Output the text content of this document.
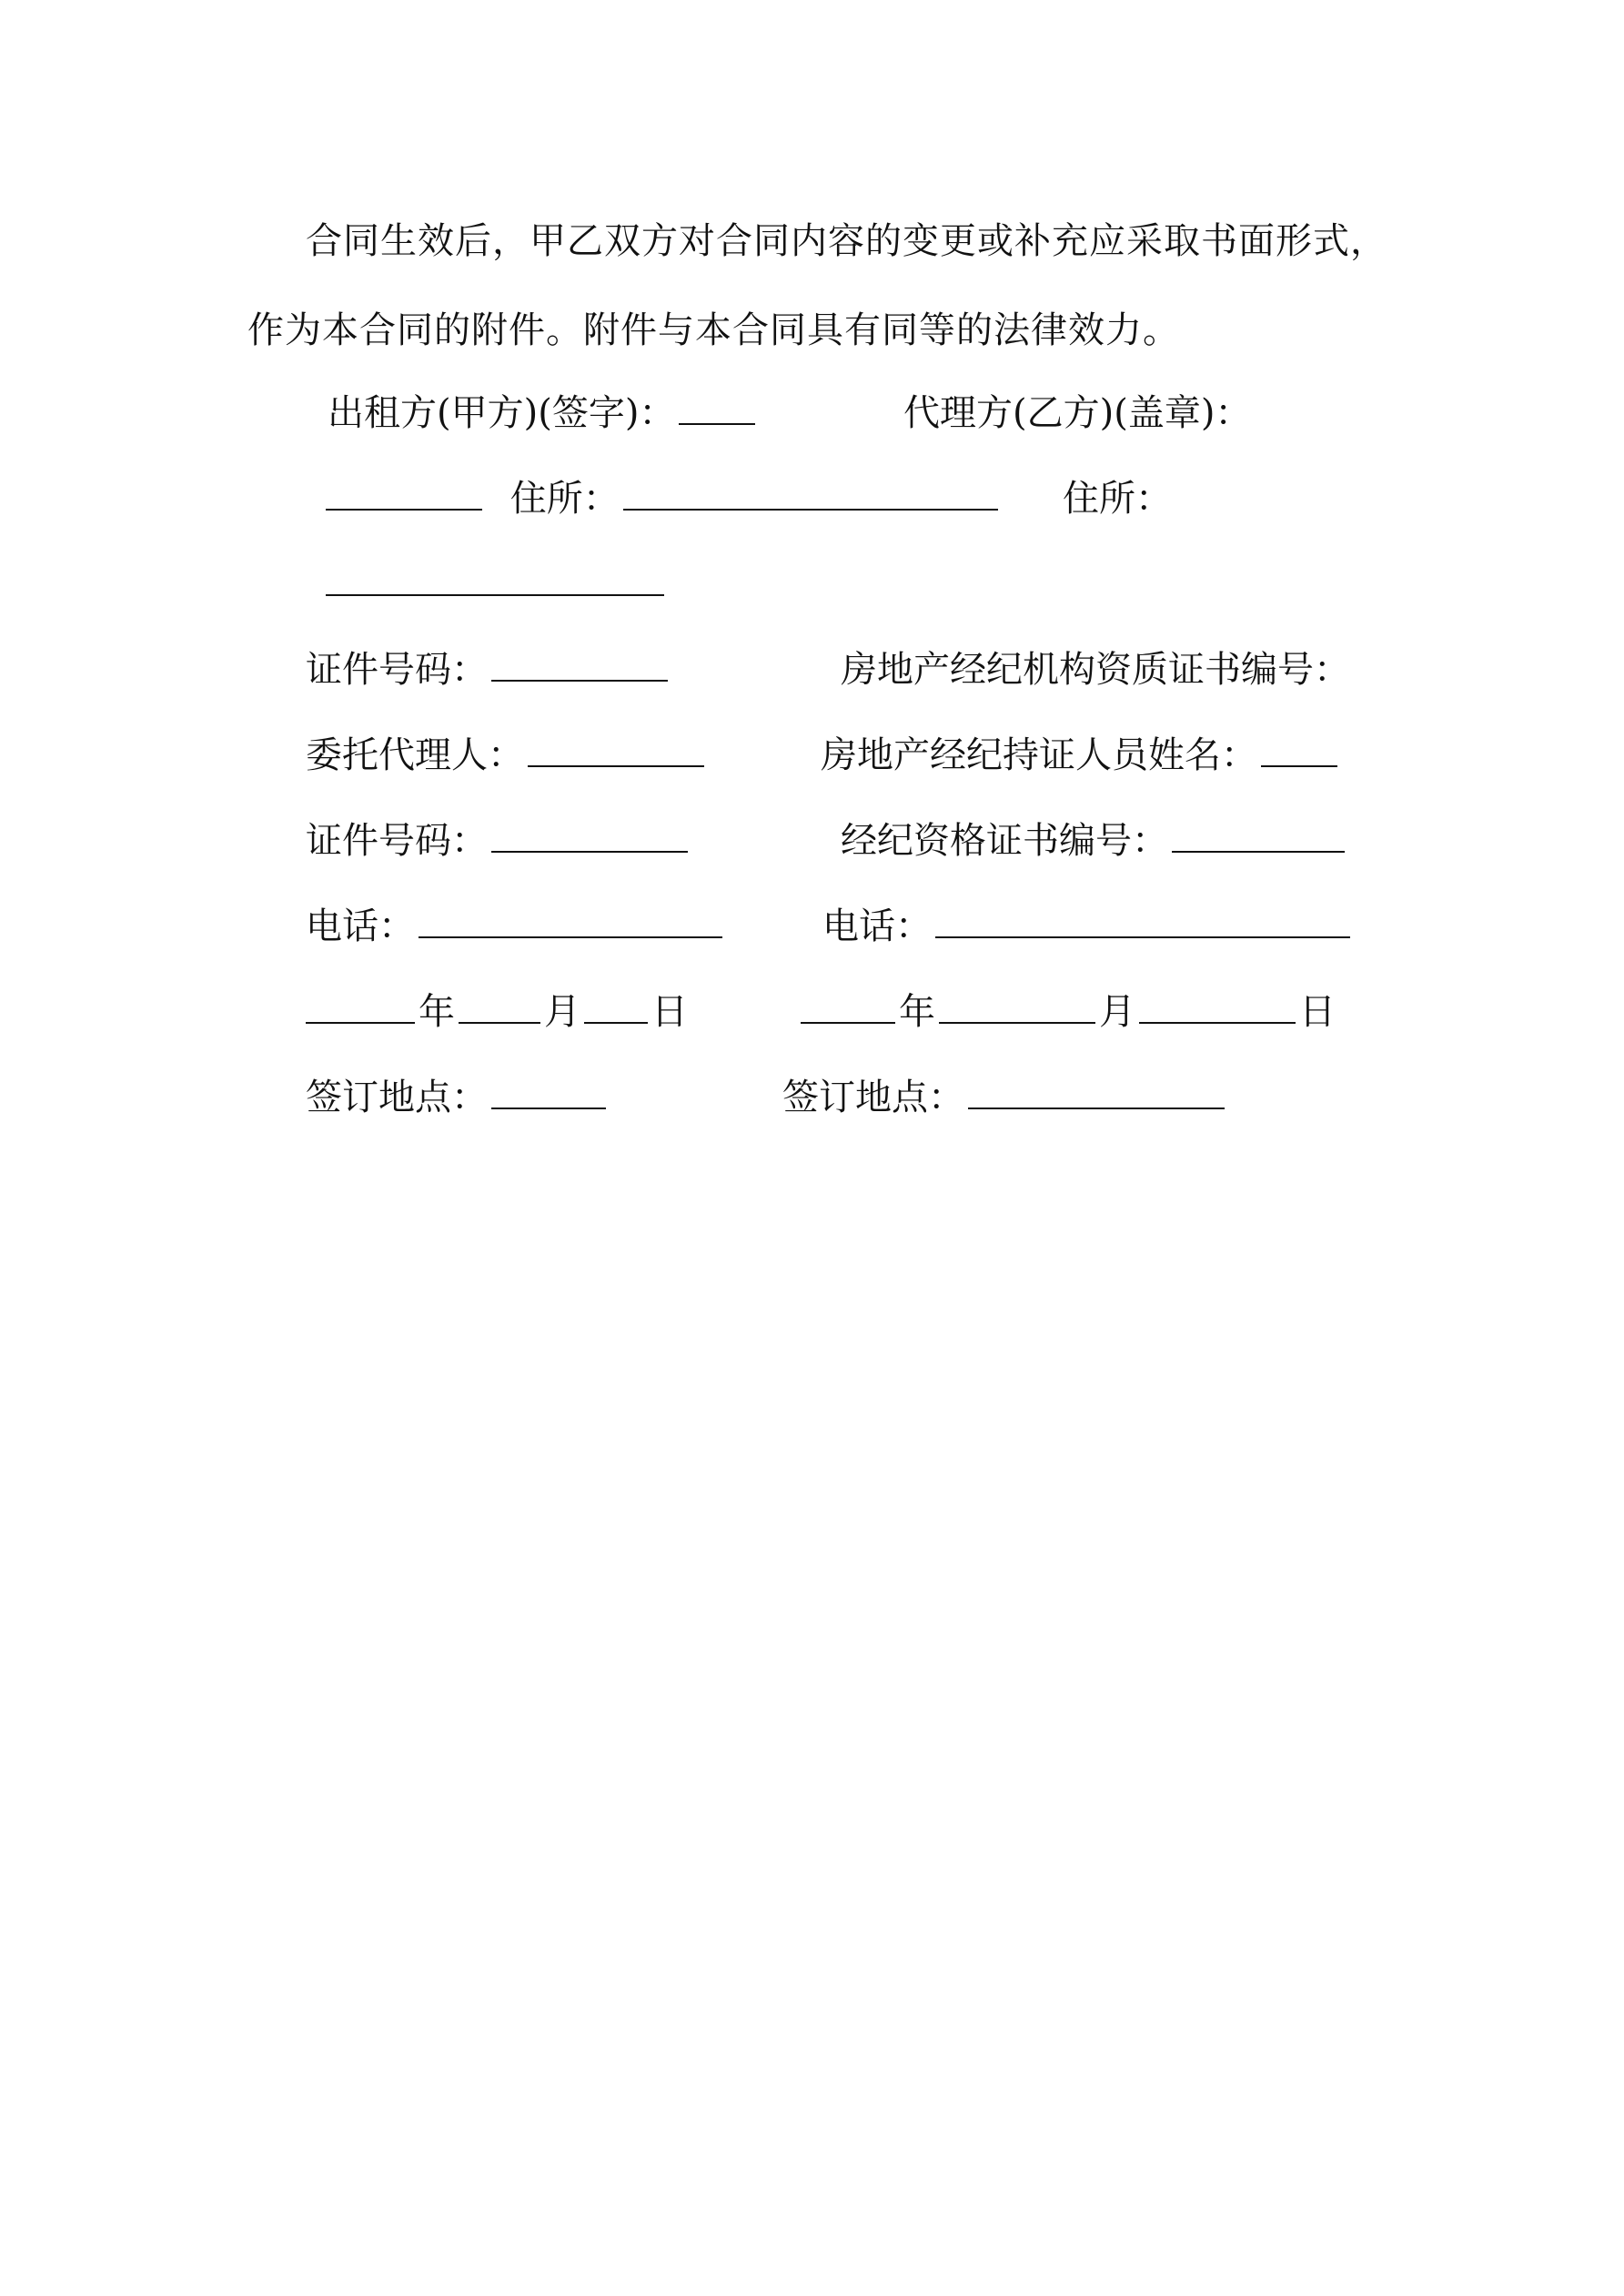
合同生效后，甲乙双方对合同内容的变更或补充应采取书面形式，作为本合同的附件。附件与本合同具有同等的法律效力。

出租方(甲方)(签字)：	代理方(乙方)(盖章)：
住所：	住所：
证件号码：	房地产经纪机构资质证书编号：
委托代理人：	房地产经纪持证人员姓名：
证件号码：	经纪资格证书编号：
电话：	电话：
年 月 日	年	月	日
签订地点：	签订地点：
